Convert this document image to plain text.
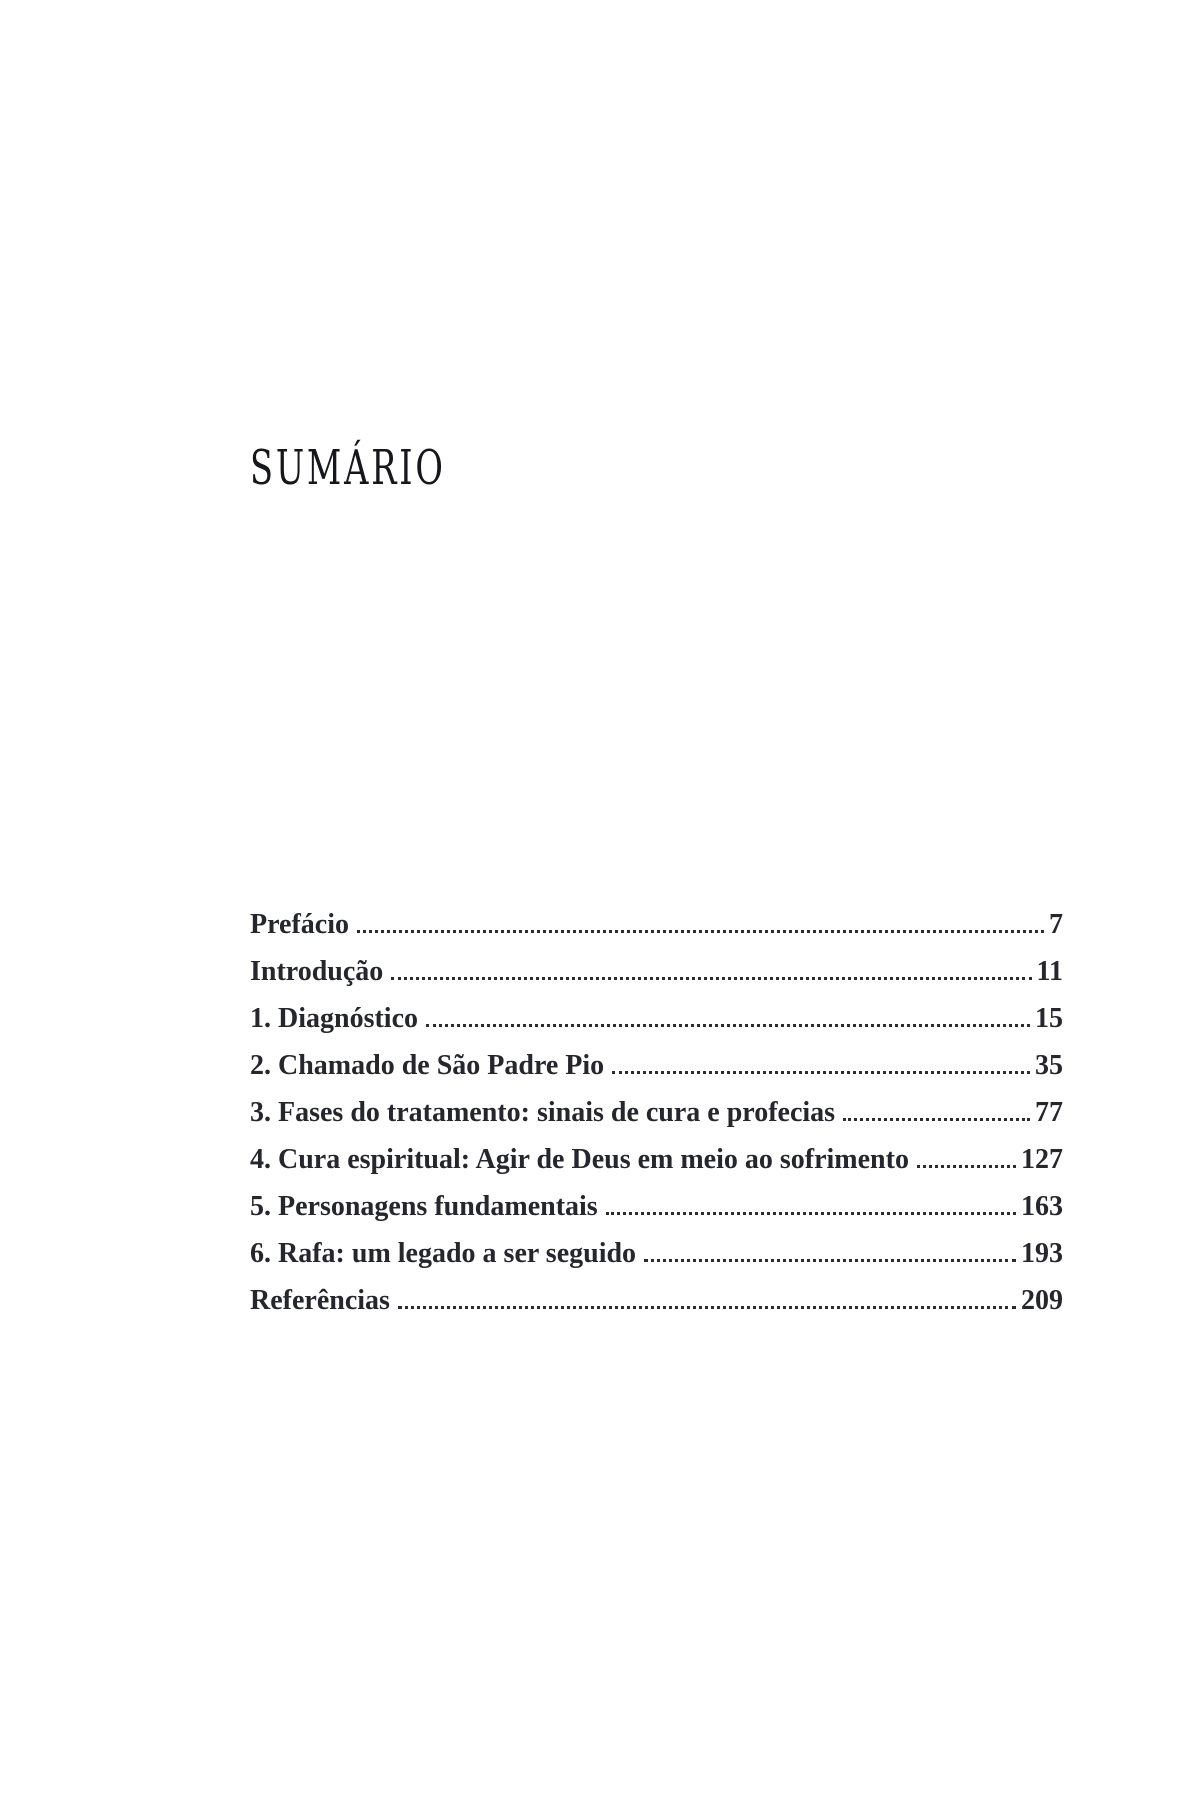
SUMÁRIO
Prefácio	7
Introdução	11
1. Diagnóstico	15
2. Chamado de São Padre Pio	35
3. Fases do tratamento: sinais de cura e profecias	77
4. Cura espiritual: Agir de Deus em meio ao sofrimento	127
5. Personagens fundamentais	163
6. Rafa: um legado a ser seguido	193
Referências	209
